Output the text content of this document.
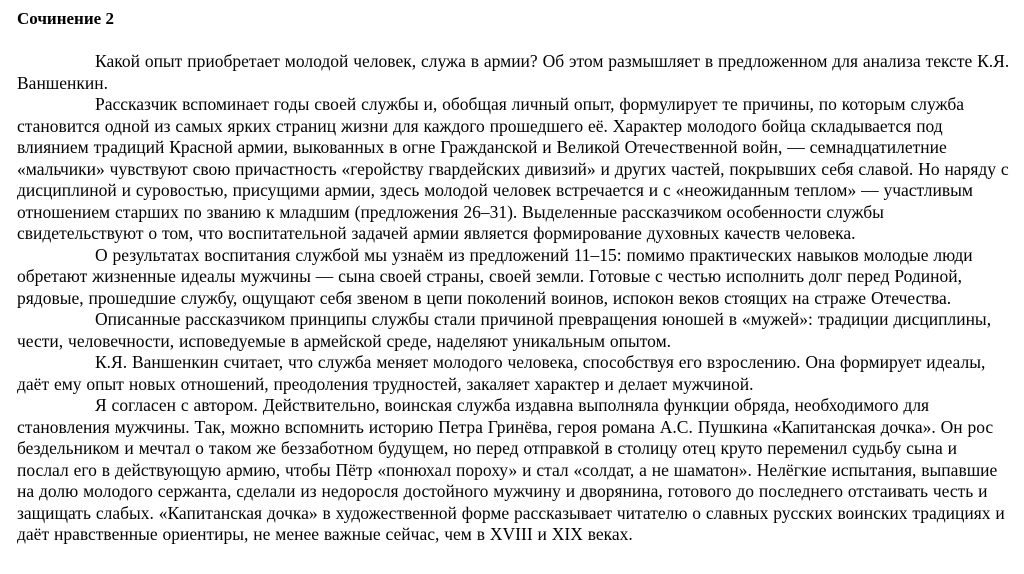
Сочинение 2

Какой опыт приобретает молодой человек, служа в армии? Об этом размышляет в предложенном для анализа тексте К.Я. Ваншенкин.

Рассказчик вспоминает годы своей службы и, обобщая личный опыт, формулирует те причины, по которым служба становится одной из самых ярких страниц жизни для каждого прошедшего её. Характер молодого бойца складывается под влиянием традиций Красной армии, выкованных в огне Гражданской и Великой Отечественной войн, — семнадцатилетние «мальчики» чувствуют свою причастность «геройству гвардейских дивизий» и других частей, покрывших себя славой. Но наряду с дисциплиной и суровостью, присущими армии, здесь молодой человек встречается и с «неожиданным теплом» — участливым отношением старших по званию к младшим (предложения 26–31). Выделенные рассказчиком особенности службы свидетельствуют о том, что воспитательной задачей армии является формирование духовных качеств человека.

О результатах воспитания службой мы узнаём из предложений 11–15: помимо практических навыков молодые люди обретают жизненные идеалы мужчины — сына своей страны, своей земли. Готовые с честью исполнить долг перед Родиной, рядовые, прошедшие службу, ощущают себя звеном в цепи поколений воинов, испокон веков стоящих на страже Отечества.

Описанные рассказчиком принципы службы стали причиной превращения юношей в «мужей»: традиции дисциплины, чести, человечности, исповедуемые в армейской среде, наделяют уникальным опытом.

К.Я. Ваншенкин считает, что служба меняет молодого человека, способствуя его взрослению. Она формирует идеалы, даёт ему опыт новых отношений, преодоления трудностей, закаляет характер и делает мужчиной.

Я согласен с автором. Действительно, воинская служба издавна выполняла функции обряда, необходимого для становления мужчины. Так, можно вспомнить историю Петра Гринёва, героя романа А.С. Пушкина «Капитанская дочка». Он рос бездельником и мечтал о таком же беззаботном будущем, но перед отправкой в столицу отец круто переменил судьбу сына и послал его в действующую армию, чтобы Пётр «понюхал пороху» и стал «солдат, а не шаматон». Нелёгкие испытания, выпавшие на долю молодого сержанта, сделали из недоросля достойного мужчину и дворянина, готового до последнего отстаивать честь и защищать слабых. «Капитанская дочка» в художественной форме рассказывает читателю о славных русских воинских традициях и даёт нравственные ориентиры, не менее важные сейчас, чем в XVIII и XIX веках.
